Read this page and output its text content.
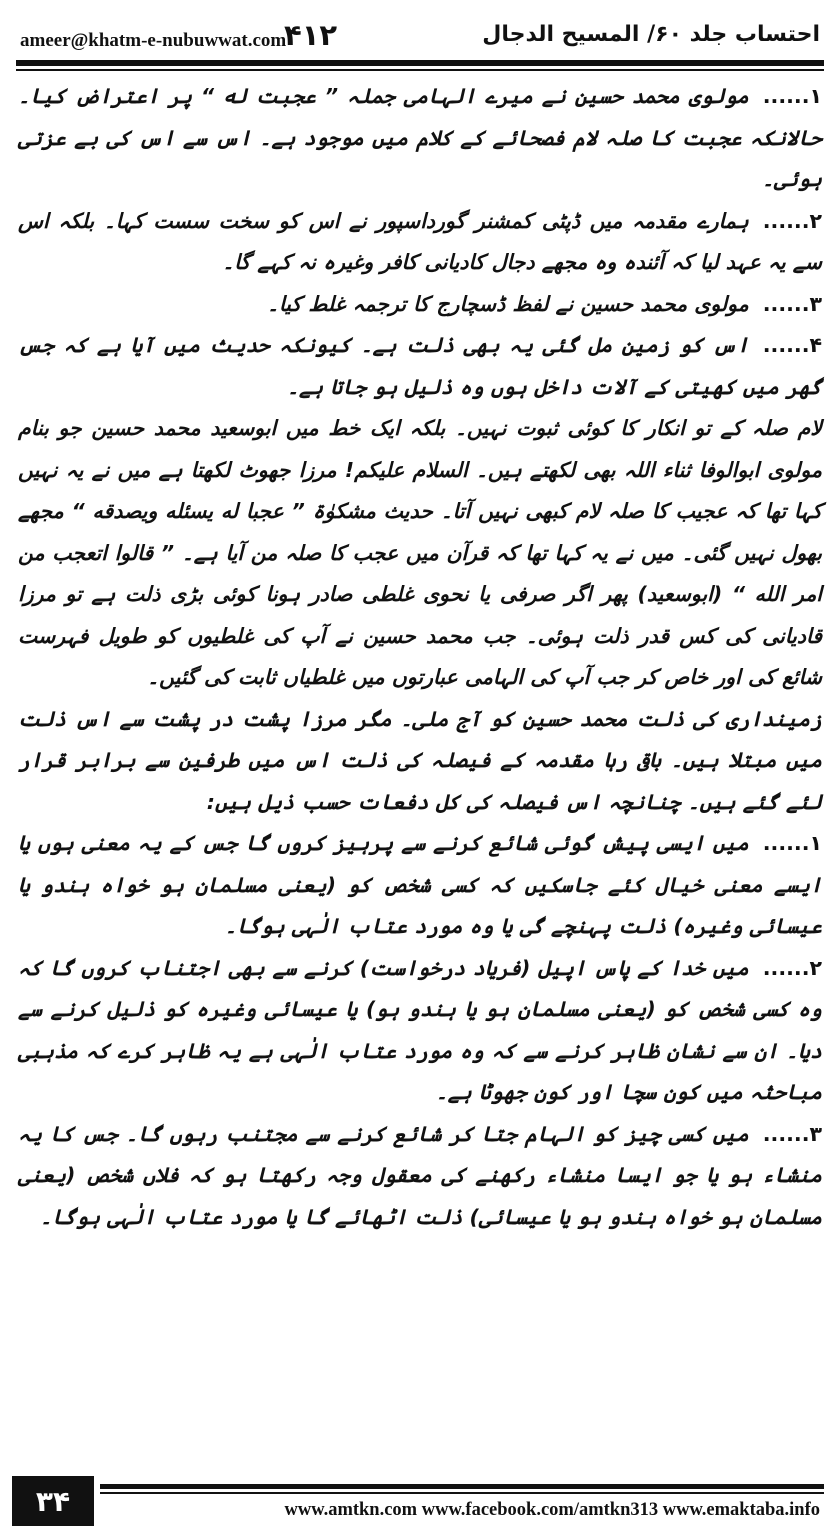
ameer@khatm-e-nubuwwat.com
۴۱۲	احتساب جلد ۶۰/ المسیح الدجال

۱......مولوی محمد حسین نے میرے الہامی جملہ ” عجبت له “ پر اعتراض کیا۔ حالانکہ عجبت کا صلہ لام فصحائے کے کلام میں موجود ہے۔ اس سے اس کی بے عزتی ہوئی۔

۲......ہمارے مقدمہ میں ڈپٹی کمشنر گورداسپور نے اس کو سخت سست کہا۔ بلکہ اس سے یہ عہد لیا کہ آئندہ وہ مجھے دجال کادیانی کافر وغیرہ نہ کہے گا۔

۳......مولوی محمد حسین نے لفظ ڈسچارج کا ترجمہ غلط کیا۔

۴......اس کو زمین مل گئی یہ بھی ذلت ہے۔ کیونکہ حدیث میں آیا ہے کہ جس گھر میں کھیتی کے آلات داخل ہوں وہ ذلیل ہو جاتا ہے۔

لام صلہ کے تو انکار کا کوئی ثبوت نہیں۔ بلکہ ایک خط میں ابوسعید محمد حسین جو بنام مولوی ابوالوفا ثناء اللہ بھی لکھتے ہیں۔ السلام علیکم! مرزا جھوٹ لکھتا ہے میں نے یہ نہیں کہا تھا کہ عجیب کا صلہ لام کبھی نہیں آتا۔ حدیث مشکوٰۃ ” عجبا له یسئله ویصدقه “ مجھے بھول نہیں گئی۔ میں نے یہ کہا تھا کہ قرآن میں عجب کا صلہ من آیا ہے۔ ” قالوا اتعجب من امر الله “ (ابوسعید) پھر اگر صرفی یا نحوی غلطی صادر ہونا کوئی بڑی ذلت ہے تو مرزا قادیانی کی کس قدر ذلت ہوئی۔ جب محمد حسین نے آپ کی غلطیوں کو طویل فہرست شائع کی اور خاص کر جب آپ کی الہامی عبارتوں میں غلطیاں ثابت کی گئیں۔

زمینداری کی ذلت محمد حسین کو آج ملی۔ مگر مرزا پشت در پشت سے اس ذلت میں مبتلا ہیں۔ باقی رہا مقدمہ کے فیصلہ کی ذلت اس میں طرفین سے برابر قرار لئے گئے ہیں۔ چنانچہ اس فیصلہ کی کل دفعات حسب ذیل ہیں:

۱......میں ایسی پیش گوئی شائع کرنے سے پرہیز کروں گا جس کے یہ معنی ہوں یا ایسے معنی خیال کئے جاسکیں کہ کسی شخص کو (یعنی مسلمان ہو خواہ ہندو یا عیسائی وغیرہ) ذلت پہنچے گی یا وہ مورد عتاب الٰہی ہوگا۔

۲......میں خدا کے پاس اپیل (فریاد درخواست) کرنے سے بھی اجتناب کروں گا کہ وہ کسی شخص کو (یعنی مسلمان ہو یا ہندو ہو) یا عیسائی وغیرہ کو ذلیل کرنے سے دیا۔ ان سے نشان ظاہر کرنے سے کہ وہ مورد عتاب الٰہی ہے یہ ظاہر کرے کہ مذہبی مباحثہ میں کون سچا اور کون جھوٹا ہے۔

۳......میں کسی چیز کو الہام جتا کر شائع کرنے سے مجتنب رہوں گا۔ جس کا یہ منشاء ہو یا جو ایسا منشاء رکھنے کی معقول وجہ رکھتا ہو کہ فلاں شخص (یعنی مسلمان ہو خواہ ہندو ہو یا عیسائی) ذلت اٹھائے گا یا مورد عتاب الٰہی ہوگا۔

۳۴	www.amtkn.com www.facebook.com/amtkn313 www.emaktaba.info
